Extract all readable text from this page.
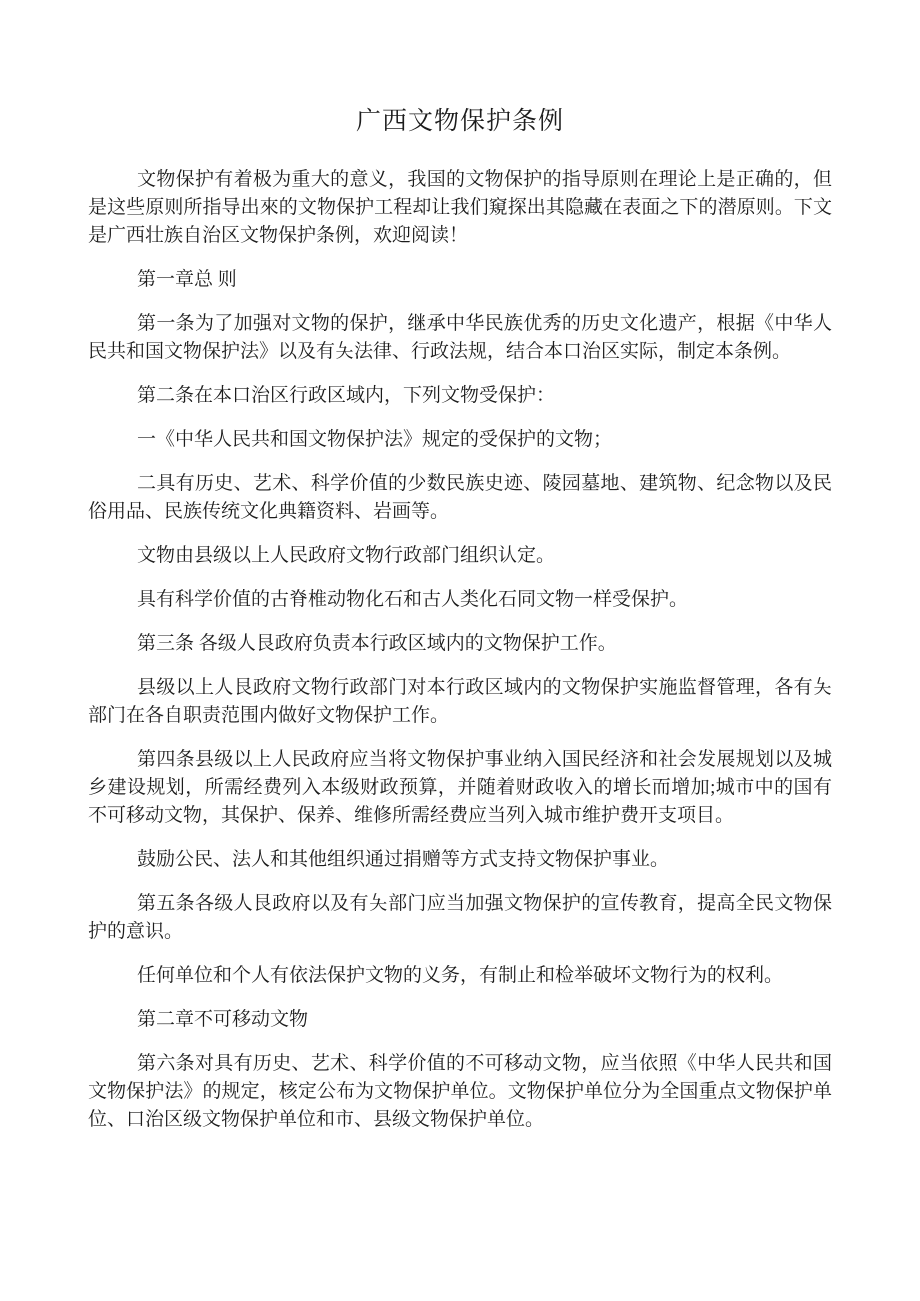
广西文物保护条例

文物保护有着极为重大的意义，我国的文物保护的指导原则在理论上是正确的，但是这些原则所指导出來的文物保护工程却让我们窺探出其隐藏在表面之下的潜原则。下文是广西壮族自治区文物保护条例，欢迎阅读！

第一章总 则

第一条为了加强对文物的保护，继承中华民族优秀的历史文化遗产，根据《中华人民共和国文物保护法》以及有夨法律、行政法规，结合本口治区实际，制定本条例。

第二条在本口治区行政区域内，下列文物受保护：

一《中华人民共和国文物保护法》规定的受保护的文物；

二具有历史、艺术、科学价值的少数民族史迹、陵园墓地、建筑物、纪念物以及民俗用品、民族传统文化典籍资料、岩画等。

文物由县级以上人民政府文物行政部门组织认定。

具有科学价值的古脊椎动物化石和古人类化石同文物一样受保护。

第三条 各级人艮政府负责本行政区域内的文物保护工作。

县级以上人艮政府文物行政部门对本行政区域内的文物保护实施监督管理，各有夨部门在各自职责范围内做好文物保护工作。

第四条县级以上人民政府应当将文物保护事业纳入国民经济和社会发展规划以及城乡建设规划，所需经费列入本级财政预算，并随着财政收入的增长而增加;城市中的国有不可移动文物，其保护、保养、维修所需经费应当列入城市维护费开支项目。

鼓励公民、法人和其他组织通过捐赠等方式支持文物保护事业。

第五条各级人艮政府以及有夨部门应当加强文物保护的宣传教育，提高全民文物保护的意识。

任何单位和个人有依法保护文物的义务，有制止和检举破坏文物行为的权利。

第二章不可移动文物

第六条对具有历史、艺术、科学价值的不可移动文物，应当依照《中华人民共和国文物保护法》的规定，核定公布为文物保护单位。文物保护单位分为全国重点文物保护单位、口治区级文物保护单位和市、县级文物保护单位。
